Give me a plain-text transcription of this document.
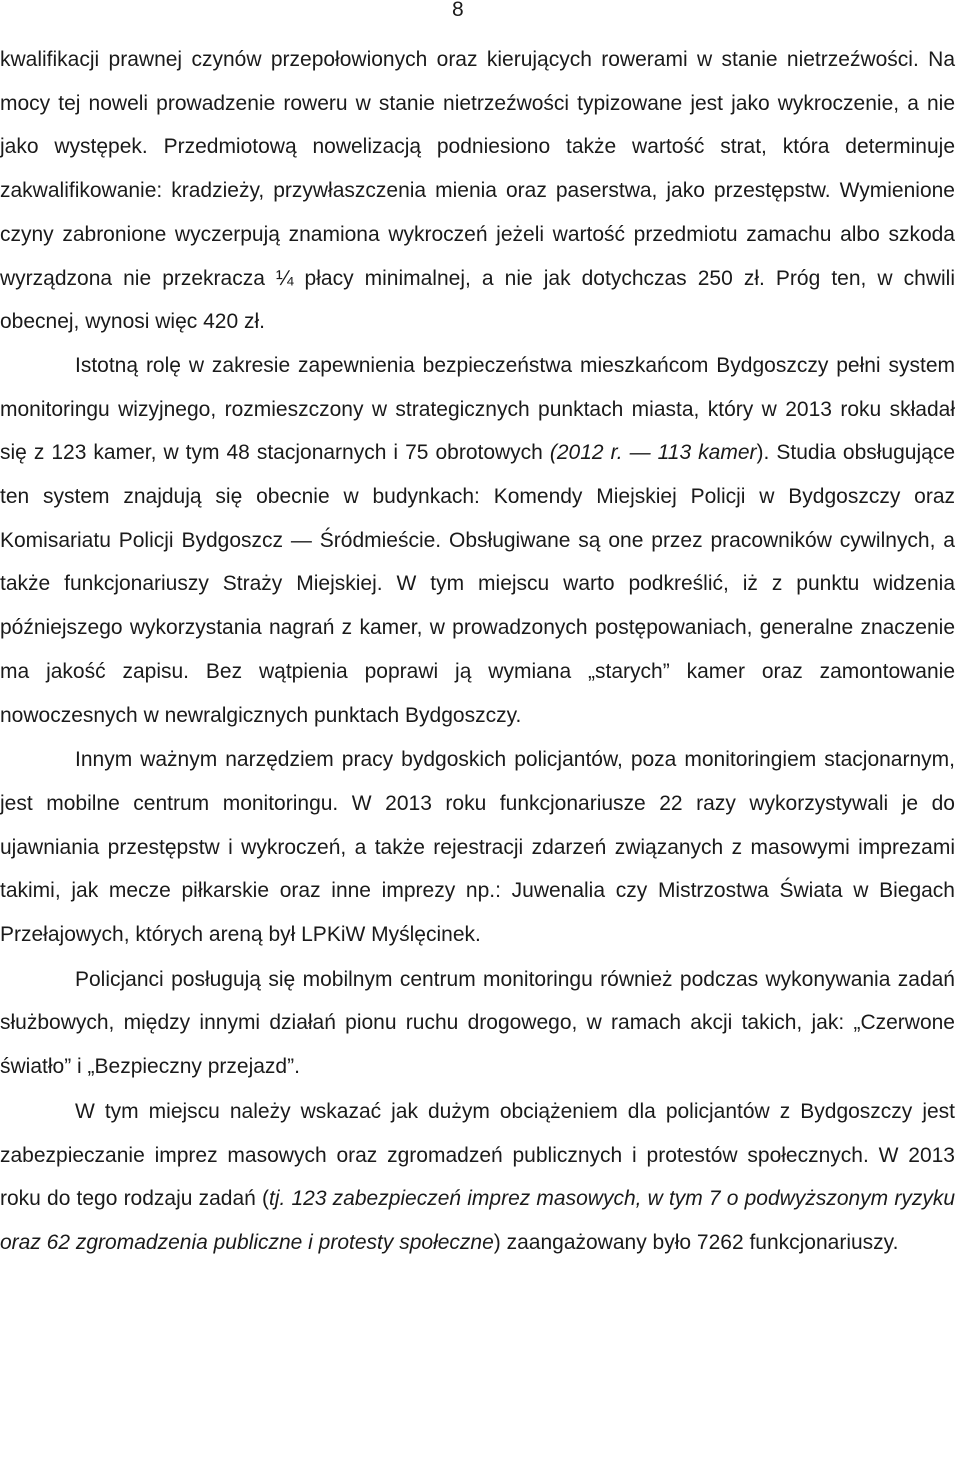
8

kwalifikacji prawnej czynów przepołowionych oraz kierujących rowerami w stanie nietrzeźwości. Na mocy tej noweli prowadzenie roweru w stanie nietrzeźwości typizowane jest jako wykroczenie, a nie jako występek. Przedmiotową nowelizacją podniesiono także wartość strat, która determinuje zakwalifikowanie: kradzieży, przywłaszczenia mienia oraz paserstwa, jako przestępstw. Wymienione czyny zabronione wyczerpują znamiona wykroczeń jeżeli wartość przedmiotu zamachu albo szkoda wyrządzona nie przekracza ¼ płacy minimalnej, a nie jak dotychczas 250 zł. Próg ten, w chwili obecnej, wynosi więc 420 zł.

Istotną rolę w zakresie zapewnienia bezpieczeństwa mieszkańcom Bydgoszczy pełni system monitoringu wizyjnego, rozmieszczony w strategicznych punktach miasta, który w 2013 roku składał się z 123 kamer, w tym 48 stacjonarnych i 75 obrotowych (2012 r. — 113 kamer). Studia obsługujące ten system znajdują się obecnie w budynkach: Komendy Miejskiej Policji w Bydgoszczy oraz Komisariatu Policji Bydgoszcz — Śródmieście. Obsługiwane są one przez pracowników cywilnych, a także funkcjonariuszy Straży Miejskiej. W tym miejscu warto podkreślić, iż z punktu widzenia późniejszego wykorzystania nagrań z kamer, w prowadzonych postępowaniach, generalne znaczenie ma jakość zapisu. Bez wątpienia poprawi ją wymiana „starych” kamer oraz zamontowanie nowoczesnych w newralgicznych punktach Bydgoszczy.

Innym ważnym narzędziem pracy bydgoskich policjantów, poza monitoringiem stacjonarnym, jest mobilne centrum monitoringu. W 2013 roku funkcjonariusze 22 razy wykorzystywali je do ujawniania przestępstw i wykroczeń, a także rejestracji zdarzeń związanych z masowymi imprezami takimi, jak mecze piłkarskie oraz inne imprezy np.: Juwenalia czy Mistrzostwa Świata w Biegach Przełajowych, których areną był LPKiW Myślęcinek.

Policjanci posługują się mobilnym centrum monitoringu również podczas wykonywania zadań służbowych, między innymi działań pionu ruchu drogowego, w ramach akcji takich, jak: „Czerwone światło” i „Bezpieczny przejazd”.

W tym miejscu należy wskazać jak dużym obciążeniem dla policjantów z Bydgoszczy jest zabezpieczanie imprez masowych oraz zgromadzeń publicznych i protestów społecznych. W 2013 roku do tego rodzaju zadań (tj. 123 zabezpieczeń imprez masowych, w tym 7 o podwyższonym ryzyku oraz 62 zgromadzenia publiczne i protesty społeczne) zaangażowany było 7262 funkcjonariuszy.
